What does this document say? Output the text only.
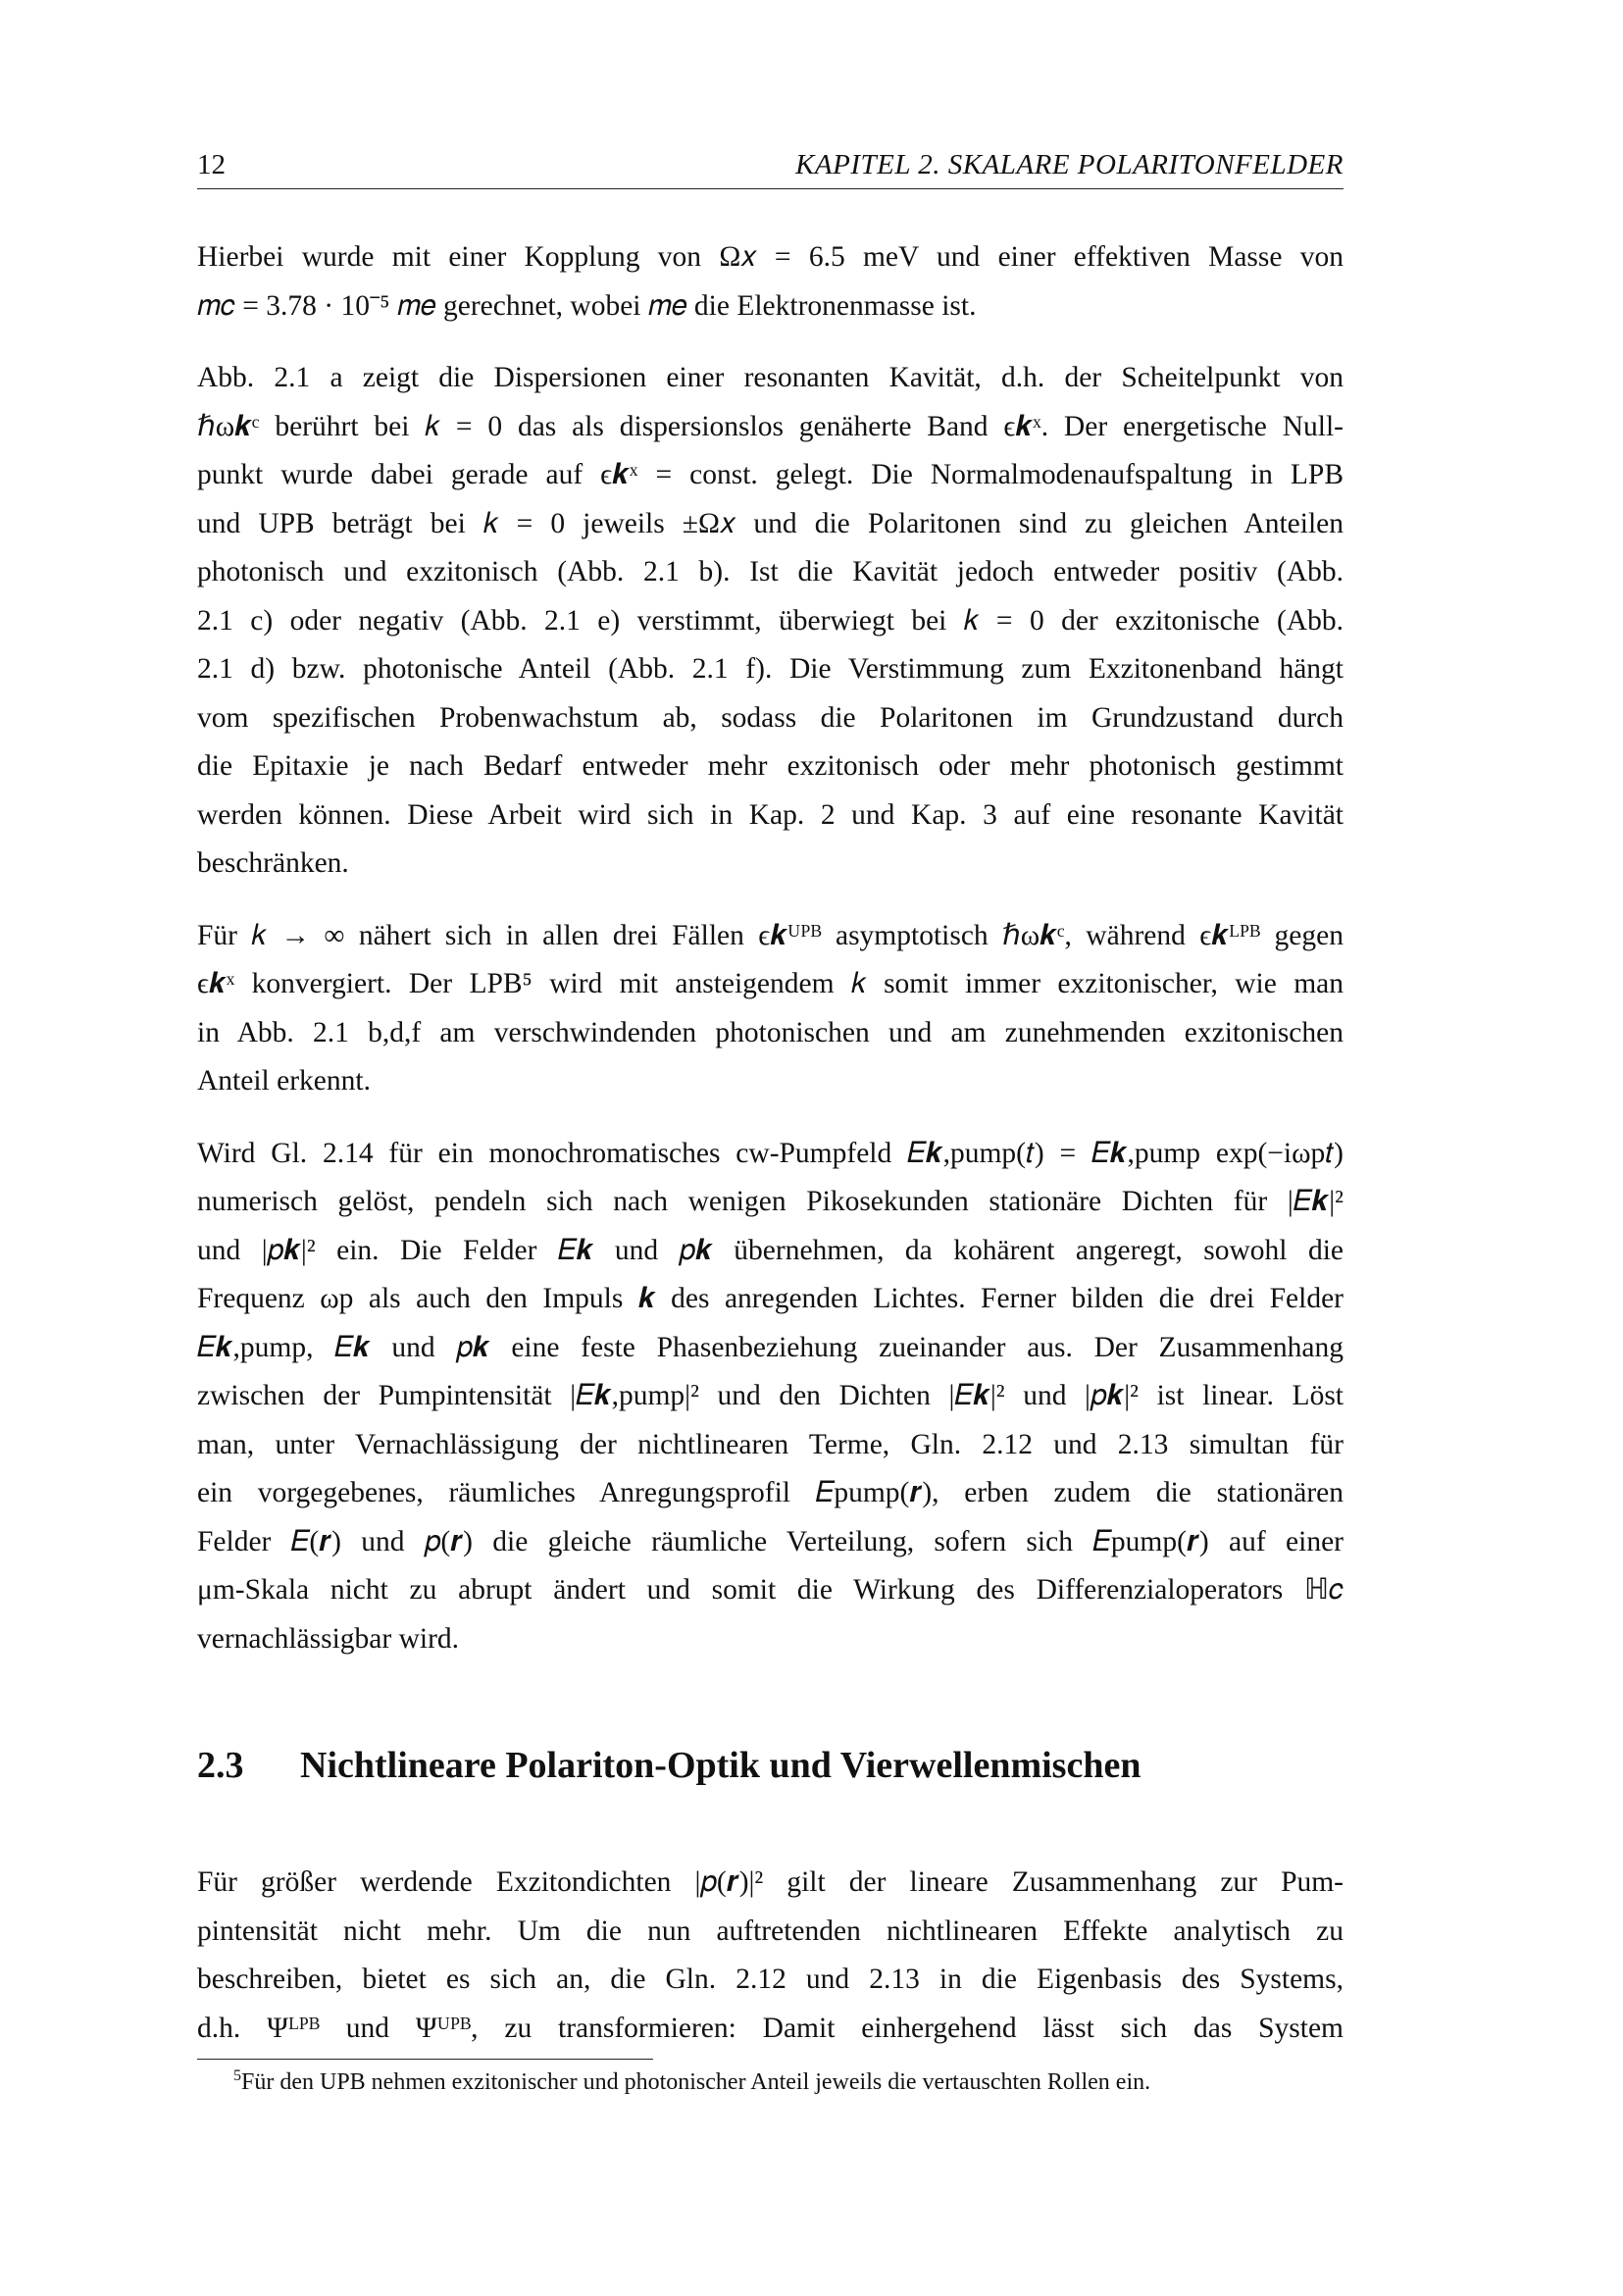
12	KAPITEL 2. SKALARE POLARITONFELDER

Hierbei wurde mit einer Kopplung von Ω𝑥 = 6.5 meV und einer effektiven Masse von
𝑚𝑐 = 3.78 · 10⁻⁵ 𝑚𝑒 gerechnet, wobei 𝑚𝑒 die Elektronenmasse ist.

Abb. 2.1 a zeigt die Dispersionen einer resonanten Kavität, d.h. der Scheitelpunkt von
ℏω𝒌ᶜ berührt bei 𝑘 = 0 das als dispersionslos genäherte Band ϵ𝒌ˣ. Der energetische Null-
punkt wurde dabei gerade auf ϵ𝒌ˣ = const. gelegt. Die Normalmodenaufspaltung in LPB
und UPB beträgt bei 𝑘 = 0 jeweils ±Ω𝑥 und die Polaritonen sind zu gleichen Anteilen
photonisch und exzitonisch (Abb. 2.1 b). Ist die Kavität jedoch entweder positiv (Abb.
2.1 c) oder negativ (Abb. 2.1 e) verstimmt, überwiegt bei 𝑘 = 0 der exzitonische (Abb.
2.1 d) bzw. photonische Anteil (Abb. 2.1 f). Die Verstimmung zum Exzitonenband hängt
vom spezifischen Probenwachstum ab, sodass die Polaritonen im Grundzustand durch
die Epitaxie je nach Bedarf entweder mehr exzitonisch oder mehr photonisch gestimmt
werden können. Diese Arbeit wird sich in Kap. 2 und Kap. 3 auf eine resonante Kavität
beschränken.

Für 𝑘 → ∞ nähert sich in allen drei Fällen ϵ𝒌ᵁᴾᴮ asymptotisch ℏω𝒌ᶜ, während ϵ𝒌ᴸᴾᴮ gegen
ϵ𝒌ˣ konvergiert. Der LPB⁵ wird mit ansteigendem 𝑘 somit immer exzitonischer, wie man
in Abb. 2.1 b,d,f am verschwindenden photonischen und am zunehmenden exzitonischen
Anteil erkennt.

Wird Gl. 2.14 für ein monochromatisches cw-Pumpfeld 𝐸𝒌,pump(𝑡) = 𝐸𝒌,pump exp(−iωp𝑡)
numerisch gelöst, pendeln sich nach wenigen Pikosekunden stationäre Dichten für |𝐸𝒌|²
und |𝑝𝒌|² ein. Die Felder 𝐸𝒌 und 𝑝𝒌 übernehmen, da kohärent angeregt, sowohl die
Frequenz ωp als auch den Impuls 𝒌 des anregenden Lichtes. Ferner bilden die drei Felder
𝐸𝒌,pump, 𝐸𝒌 und 𝑝𝒌 eine feste Phasenbeziehung zueinander aus. Der Zusammenhang
zwischen der Pumpintensität |𝐸𝒌,pump|² und den Dichten |𝐸𝒌|² und |𝑝𝒌|² ist linear. Löst
man, unter Vernachlässigung der nichtlinearen Terme, Gln. 2.12 und 2.13 simultan für
ein vorgegebenes, räumliches Anregungsprofil 𝐸pump(𝒓), erben zudem die stationären
Felder 𝐸(𝒓) und 𝑝(𝒓) die gleiche räumliche Verteilung, sofern sich 𝐸pump(𝒓) auf einer
μm-Skala nicht zu abrupt ändert und somit die Wirkung des Differenzialoperators ℍ𝑐
vernachlässigbar wird.

2.3 Nichtlineare Polariton-Optik und Vierwellenmischen
Für größer werdende Exzitondichten |𝑝(𝒓)|² gilt der lineare Zusammenhang zur Pum-
pintensität nicht mehr. Um die nun auftretenden nichtlinearen Effekte analytisch zu
beschreiben, bietet es sich an, die Gln. 2.12 und 2.13 in die Eigenbasis des Systems,
d.h. Ψᴸᴾᴮ und Ψᵁᴾᴮ, zu transformieren: Damit einhergehend lässt sich das System
$^5$Für den UPB nehmen exzitonischer und photonischer Anteil jeweils die vertauschten Rollen ein.
